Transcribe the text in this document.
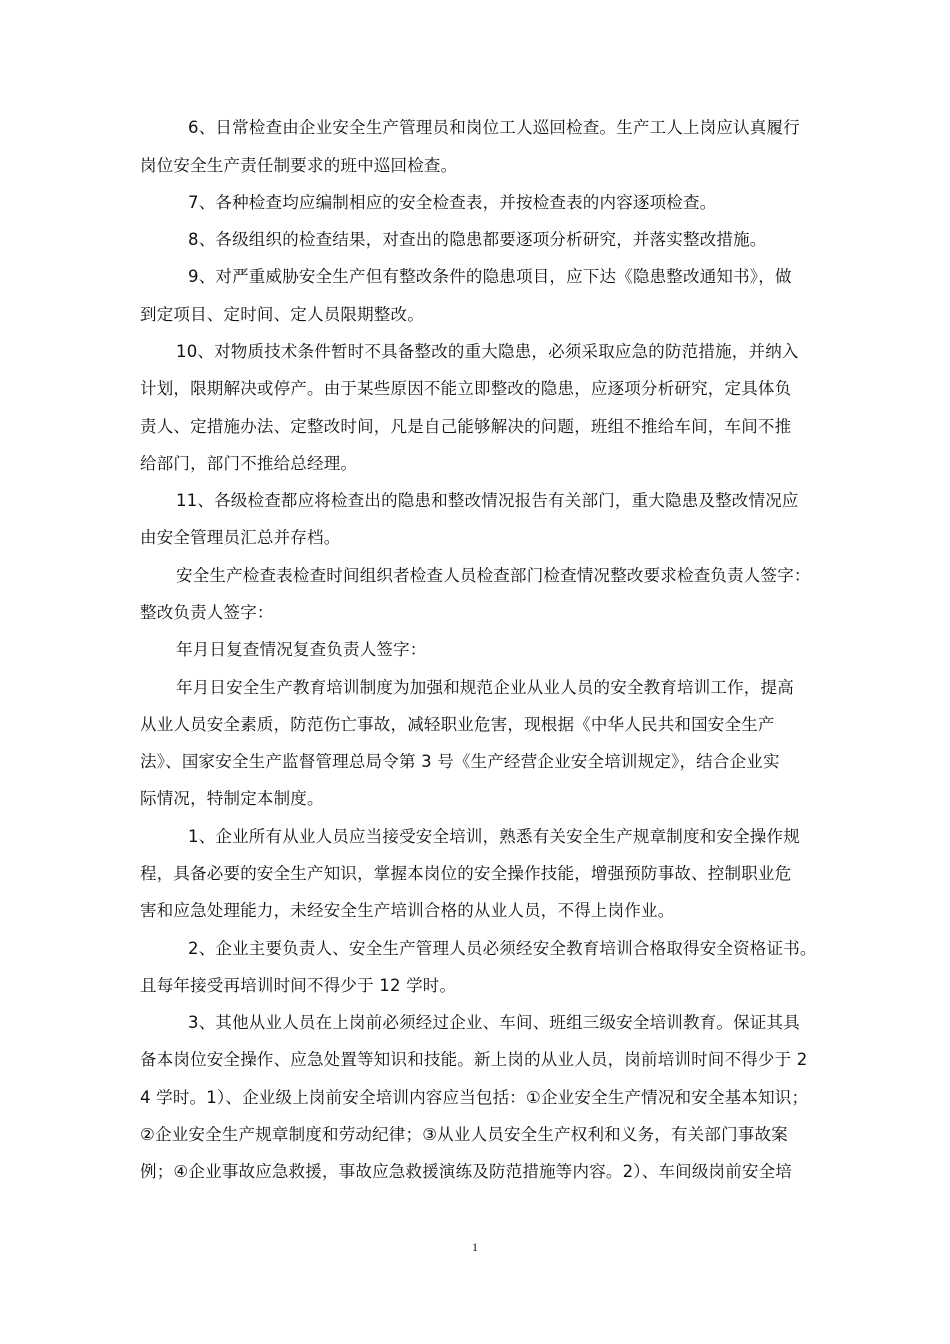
6、日常检查由企业安全生产管理员和岗位工人巡回检查。生产工人上岗应认真履行
岗位安全生产责任制要求的班中巡回检查。
7、各种检查均应编制相应的安全检查表，并按检查表的内容逐项检查。
8、各级组织的检查结果，对查出的隐患都要逐项分析研究，并落实整改措施。
9、对严重威胁安全生产但有整改条件的隐患项目，应下达《隐患整改通知书》，做
到定项目、定时间、定人员限期整改。
10、对物质技术条件暂时不具备整改的重大隐患，必须采取应急的防范措施，并纳入
计划，限期解决或停产。由于某些原因不能立即整改的隐患，应逐项分析研究，定具体负
责人、定措施办法、定整改时间，凡是自己能够解决的问题，班组不推给车间，车间不推
给部门，部门不推给总经理。
11、各级检查都应将检查出的隐患和整改情况报告有关部门，重大隐患及整改情况应
由安全管理员汇总并存档。
安全生产检查表检查时间组织者检查人员检查部门检查情况整改要求检查负责人签字：
整改负责人签字：
年月日复查情况复查负责人签字：
年月日安全生产教育培训制度为加强和规范企业从业人员的安全教育培训工作，提高
从业人员安全素质，防范伤亡事故，减轻职业危害，现根据《中华人民共和国安全生产
法》、国家安全生产监督管理总局令第 3 号《生产经营企业安全培训规定》，结合企业实
际情况，特制定本制度。
1、企业所有从业人员应当接受安全培训，熟悉有关安全生产规章制度和安全操作规
程，具备必要的安全生产知识，掌握本岗位的安全操作技能，增强预防事故、控制职业危
害和应急处理能力，未经安全生产培训合格的从业人员，不得上岗作业。
2、企业主要负责人、安全生产管理人员必须经安全教育培训合格取得安全资格证书。
且每年接受再培训时间不得少于 12 学时。
3、其他从业人员在上岗前必须经过企业、车间、班组三级安全培训教育。保证其具
备本岗位安全操作、应急处置等知识和技能。新上岗的从业人员，岗前培训时间不得少于 2
4 学时。1）、企业级上岗前安全培训内容应当包括：①企业安全生产情况和安全基本知识；
②企业安全生产规章制度和劳动纪律；③从业人员安全生产权利和义务，有关部门事故案
例；④企业事故应急救援，事故应急救援演练及防范措施等内容。2）、车间级岗前安全培
1
